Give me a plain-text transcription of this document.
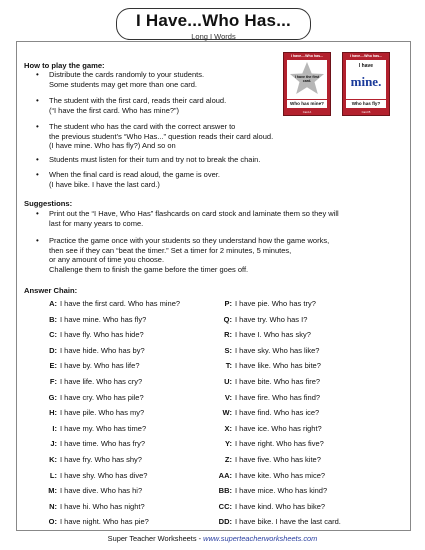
I Have...Who Has...
Long I Words
How to play the game:
• Distribute the cards randomly to your students.
Some students may get more than one card.
• The student with the first card, reads their card aloud.
(“I have the first card. Who has mine?”)
• The student who has the card with the correct answer to
the previous student’s “Who Has...” question reads their card aloud.
(I have mine. Who has fly?) And so on
• Students must listen for their turn and try not to break the chain.
• When the final card is read aloud, the game is over.
(I have bike. I have the last card.)
I have....Who has...
I have the first card.
Who has mine?
Card A
I have....Who has...
I have
mine.
Who has fly?
Card B
Suggestions:
• Print out the “I Have, Who Has” flashcards on card stock and laminate them so they will
last for many years to come.
• Practice the game once with your students so they understand how the game works,
then see if they can “beat the timer.” Set a timer for 2 minutes, 5 minutes,
or any amount of time you choose.
Challenge them to finish the game before the timer goes off.
Answer Chain:
A: I have the first card. Who has mine?
B: I have mine. Who has fly?
C: I have fly. Who has hide?
D: I have hide. Who has by?
E: I have by. Who has life?
F: I have life. Who has cry?
G: I have cry. Who has pile?
H: I have pile. Who has my?
I: I have my. Who has time?
J: I have time. Who has fry?
K: I have fry. Who has shy?
L: I have shy. Who has dive?
M: I have dive. Who has hi?
N: I have hi. Who has night?
O: I have night. Who has pie?
P: I have pie. Who has try?
Q: I have try. Who has I?
R: I have I. Who has sky?
S: I have sky. Who has like?
T: I have like. Who has bite?
U: I have bite. Who has fire?
V: I have fire. Who has find?
W: I have find. Who has ice?
X: I have ice. Who has right?
Y: I have right. Who has five?
Z: I have five. Who has kite?
AA: I have kite. Who has mice?
BB: I have mice. Who has kind?
CC: I have kind. Who has bike?
DD: I have bike. I have the last card.
Super Teacher Worksheets - www.superteacherworksheets.com
